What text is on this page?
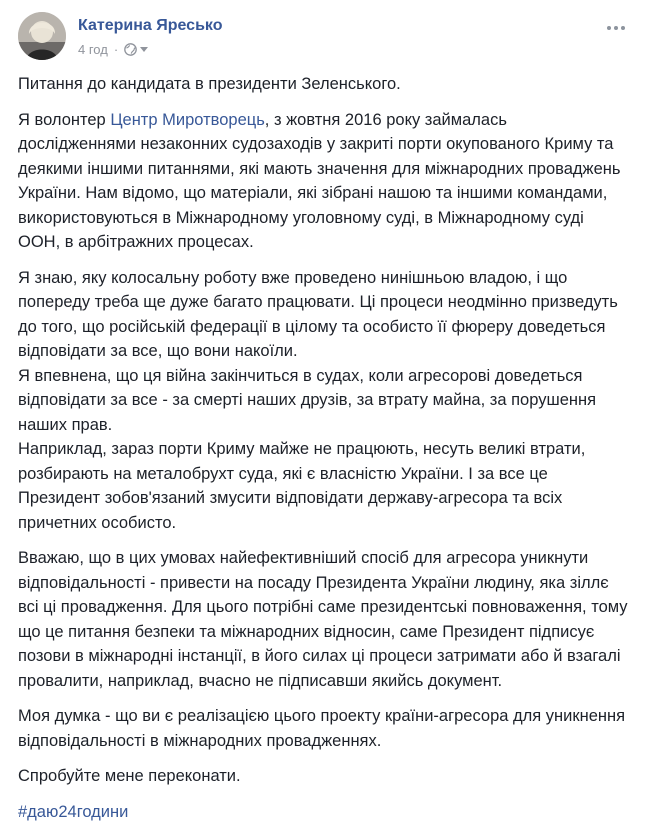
Катерина Яресько
4 год ·

Питання до кандидата в президенти Зеленського.

Я волонтер Центр Миротворець, з жовтня 2016 року займалась дослідженнями незаконних судозаходів у закриті порти окупованого Криму та деякими іншими питаннями, які мають значення для міжнародних проваджень України. Нам відомо, що матеріали, які зібрані нашою та іншими командами, використовуються в Міжнародному уголовному суді, в Міжнародному суді ООН, в арбітражних процесах.

Я знаю, яку колосальну роботу вже проведено нинішньою владою, і що попереду треба ще дуже багато працювати. Ці процеси неодмінно призведуть до того, що російській федерації в цілому та особисто її фюреру доведеться відповідати за все, що вони накоїли.

Я впевнена, що ця війна закінчиться в судах, коли агресорові доведеться відповідати за все - за смерті наших друзів, за втрату майна, за порушення наших прав.

Наприклад, зараз порти Криму майже не працюють, несуть великі втрати, розбирають на металобрухт суда, які є власністю України. І за все це Президент зобов'язаний змусити відповідати державу-агресора та всіх причетних особисто.

Вважаю, що в цих умовах найефективніший спосіб для агресора уникнути відповідальності - привести на посаду Президента України людину, яка зіллє всі ці провадження. Для цього потрібні саме президентські повноваження, тому що це питання безпеки та міжнародних відносин, саме Президент підписує позови в міжнародні інстанції, в його силах ці процеси затримати або й взагалі провалити, наприклад, вчасно не підписавши якийсь документ.

Моя думка - що ви є реалізацією цього проекту країни-агресора для уникнення відповідальності в міжнародних провадженнях.

Спробуйте мене переконати.

#даю24години
